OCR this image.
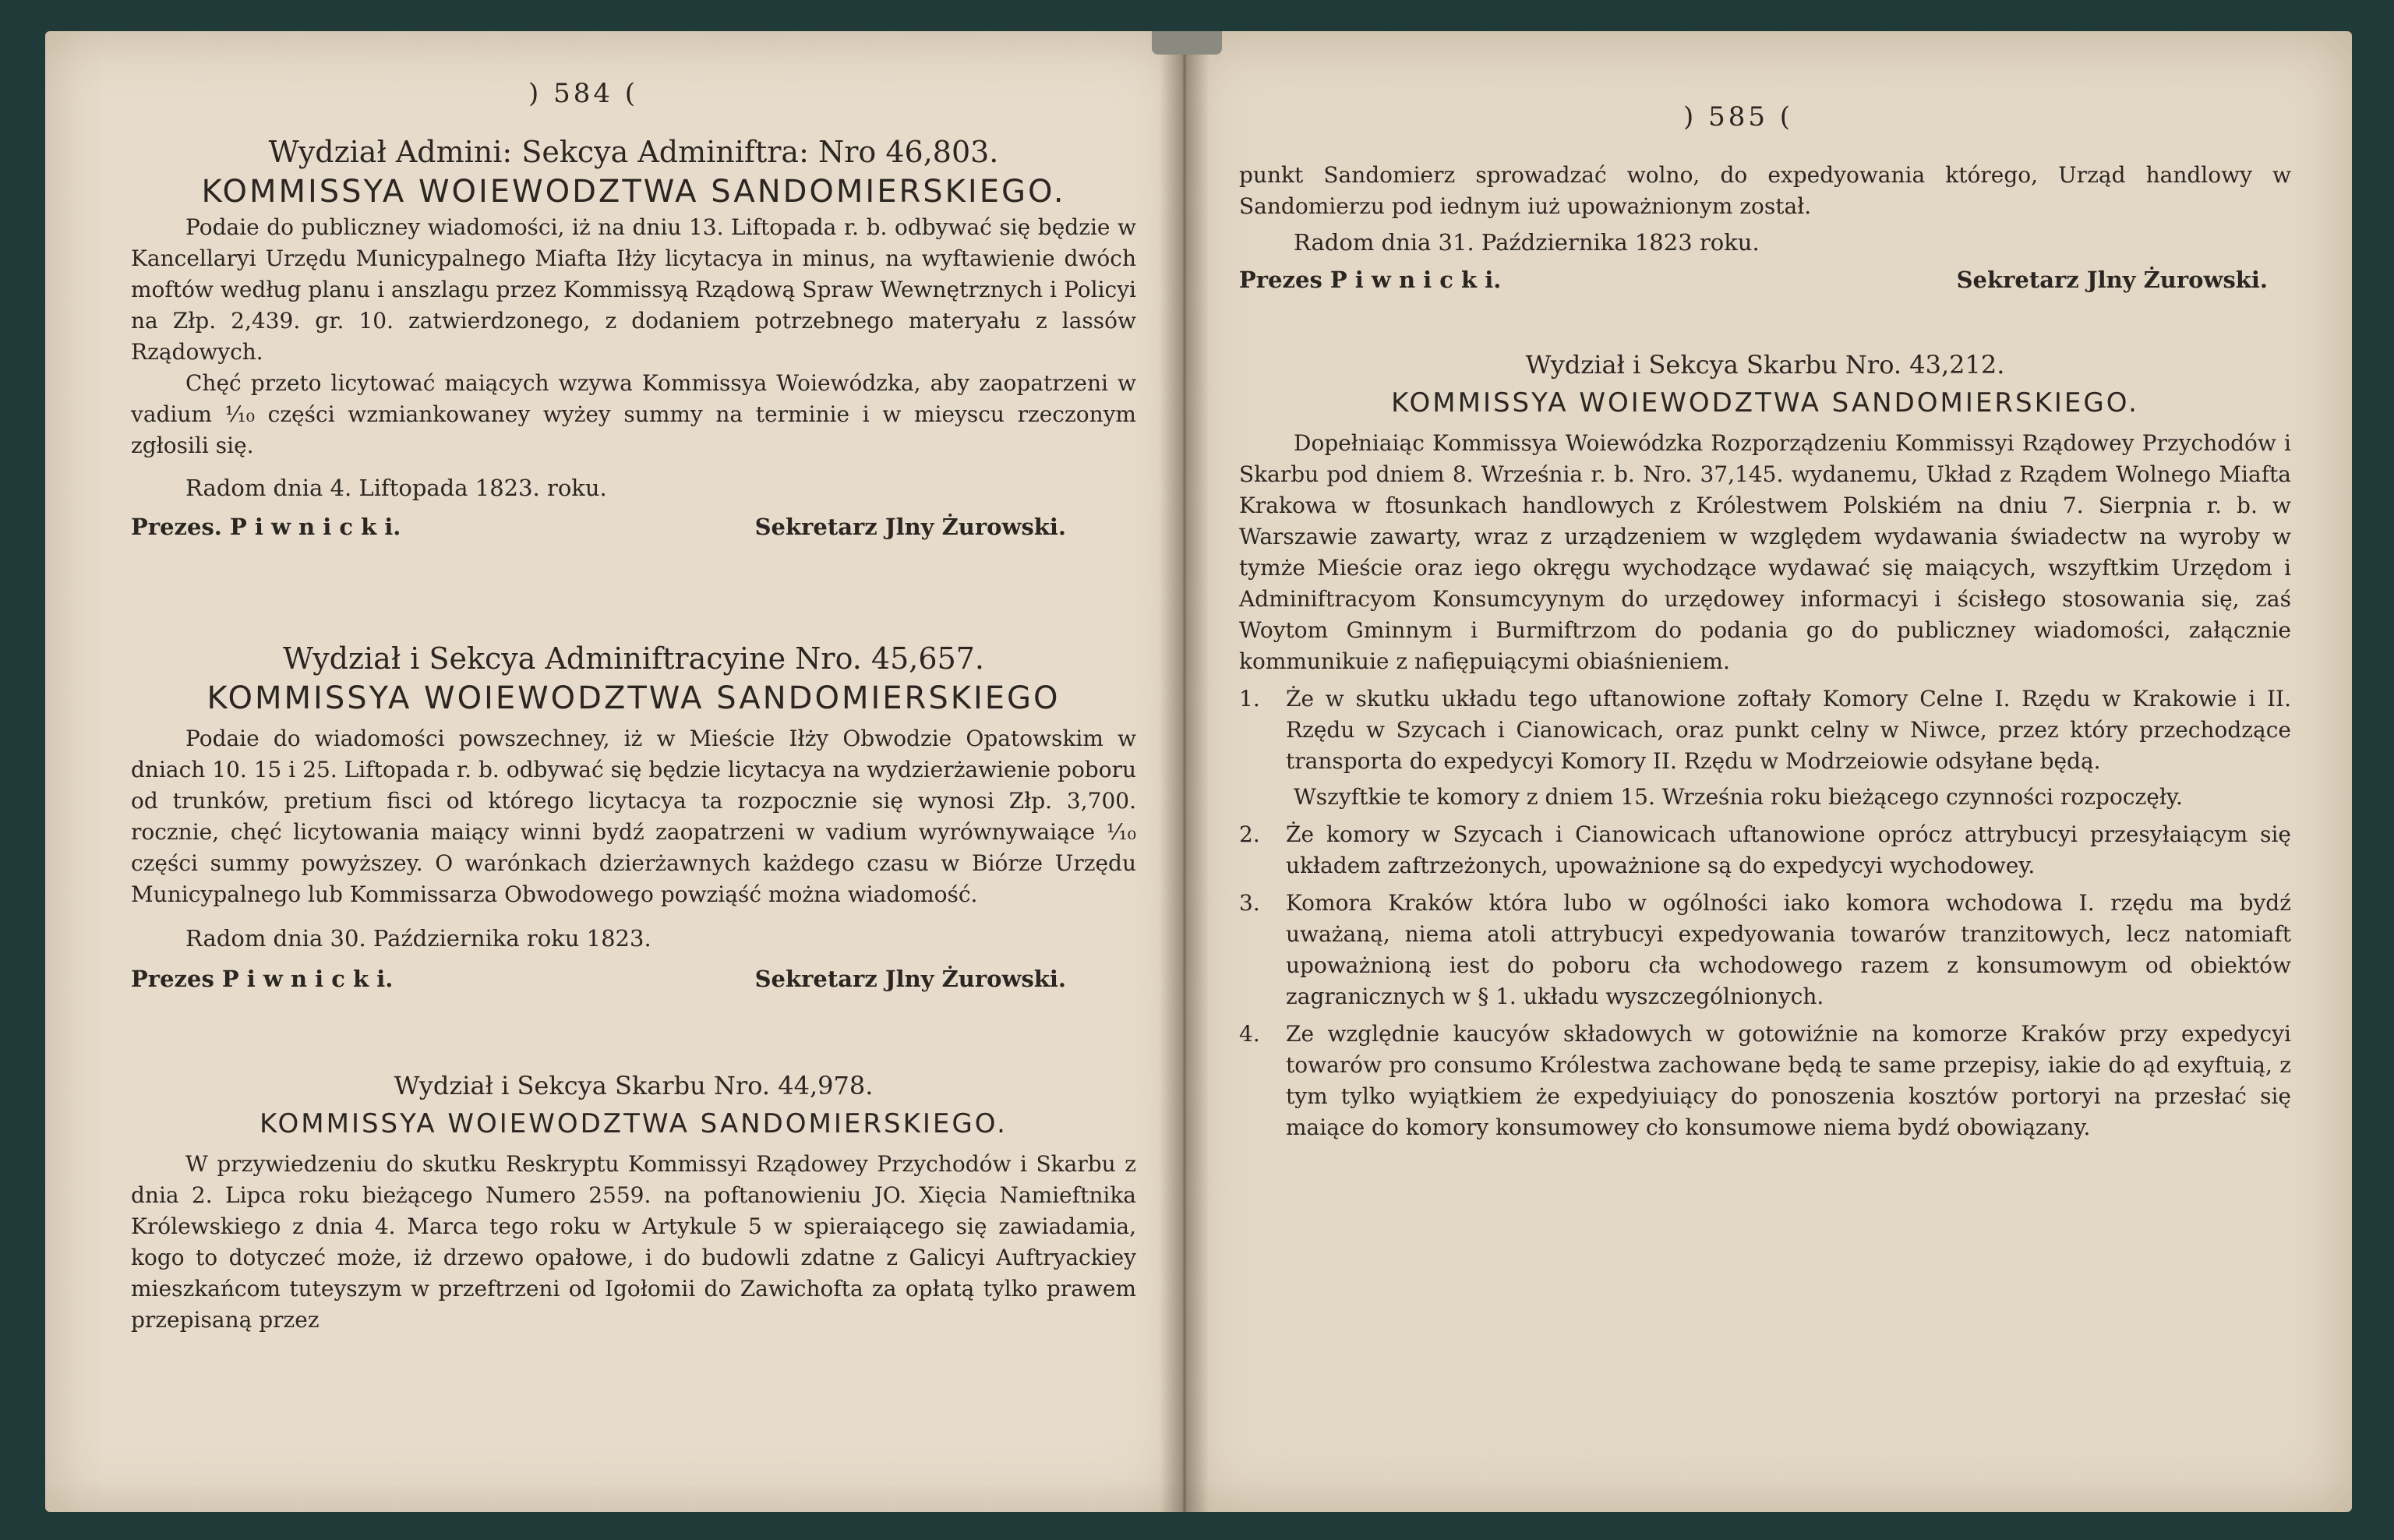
) 584 (
Wydział Admini: Sekcya Adminiftra: Nro 46,803.
KOMMISSYA WOIEWODZTWA SANDOMIERSKIEGO.

Podaie do publiczney wiadomości, iż na dniu 13. Liftopada r. b. odbywać się będzie w Kancellaryi Urzędu Municypalnego Miafta Iłży licytacya in minus, na wyftawienie dwóch moftów według planu i anszlagu przez Kommissyą Rządową Spraw Wewnętrznych i Policyi na Złp. 2,439. gr. 10. zatwierdzonego, z dodaniem potrzebnego materyału z lassów Rządowych.

Chęć przeto licytować maiących wzywa Kommissya Woiewódzka, aby zaopatrzeni w vadium ⅟₁₀ części wzmiankowaney wyżey summy na terminie i w mieyscu rzeczonym zgłosili się.

Radom dnia 4. Liftopada 1823. roku.
Prezes. P i w n i c k i.	Sekretarz Jlny Żurowski.
Wydział i Sekcya Adminiftracyine Nro. 45,657.
KOMMISSYA WOIEWODZTWA SANDOMIERSKIEGO

Podaie do wiadomości powszechney, iż w Mieście Iłży Obwodzie Opatowskim w dniach 10. 15 i 25. Liftopada r. b. odbywać się będzie licytacya na wydzierżawienie poboru od trunków, pretium fisci od którego licytacya ta rozpocznie się wynosi Złp. 3,700. rocznie, chęć licytowania maiący winni bydź zaopatrzeni w vadium wyrównywaiące ⅟₁₀ części summy powyższey. O warónkach dzierżawnych każdego czasu w Biórze Urzędu Municypalnego lub Kommissarza Obwodowego powziąść można wiadomość.

Radom dnia 30. Października roku 1823.
Prezes P i w n i c k i.	Sekretarz Jlny Żurowski.
Wydział i Sekcya Skarbu Nro. 44,978.
KOMMISSYA WOIEWODZTWA SANDOMIERSKIEGO.

W przywiedzeniu do skutku Reskryptu Kommissyi Rządowey Przychodów i Skarbu z dnia 2. Lipca roku bieżącego Numero 2559. na poftanowieniu JO. Xięcia Namieftnika Królewskiego z dnia 4. Marca tego roku w Artykule 5 w spieraiącego się zawiadamia, kogo to dotyczeć może, iż drzewo opałowe, i do budowli zdatne z Galicyi Auftryackiey mieszkańcom tuteyszym w przeftrzeni od Igołomii do Zawichofta za opłatą tylko prawem przepisaną przez

) 585 (

punkt Sandomierz sprowadzać wolno, do expedyowania którego, Urząd handlowy w Sandomierzu pod iednym iuż upoważnionym został.

Radom dnia 31. Października 1823 roku.
Prezes P i w n i c k i.	Sekretarz Jlny Żurowski.
Wydział i Sekcya Skarbu Nro. 43,212.
KOMMISSYA WOIEWODZTWA SANDOMIERSKIEGO.

Dopełniaiąc Kommissya Woiewódzka Rozporządzeniu Kommissyi Rządowey Przychodów i Skarbu pod dniem 8. Września r. b. Nro. 37,145. wydanemu, Układ z Rządem Wolnego Miafta Krakowa w ftosunkach handlowych z Królestwem Polskiém na dniu 7. Sierpnia r. b. w Warszawie zawarty, wraz z urządzeniem w względem wydawania świadectw na wyroby w tymże Mieście oraz iego okręgu wychodzące wydawać się maiących, wszyftkim Urzędom i Adminiftracyom Konsumcyynym do urzędowey informacyi i ścisłego stosowania się, zaś Woytom Gminnym i Burmiftrzom do podania go do publiczney wiadomości, załącznie kommunikuie z nafiępuiącymi obiaśnieniem.

1. Że w skutku układu tego uftanowione zoftały Komory Celne I. Rzędu w Krakowie i II. Rzędu w Szycach i Cianowicach, oraz punkt celny w Niwce, przez który przechodzące transporta do expedycyi Komory II. Rzędu w Modrzeiowie odsyłane będą.

Wszyftkie te komory z dniem 15. Września roku bieżącego czynności rozpoczęły.

2. Że komory w Szycach i Cianowicach uftanowione oprócz attrybucyi przesyłaiącym się układem zaftrzeżonych, upoważnione są do expedycyi wychodowey.

3. Komora Kraków która lubo w ogólności iako komora wchodowa I. rzędu ma bydź uważaną, niema atoli attrybucyi expedyowania towarów tranzitowych, lecz natomiaft upoważnioną iest do poboru cła wchodowego razem z konsumowym od obiektów zagranicznych w § 1. układu wyszczególnionych.

4. Ze względnie kaucyów składowych w gotowiźnie na komorze Kraków przy expedycyi towarów pro consumo Królestwa zachowane będą te same przepisy, iakie do ąd exyftuią, z tym tylko wyiątkiem że expedyiuiący do ponoszenia kosztów portoryi na przesłać się maiące do komory konsumowey cło konsumowe niema bydź obowiązany.
